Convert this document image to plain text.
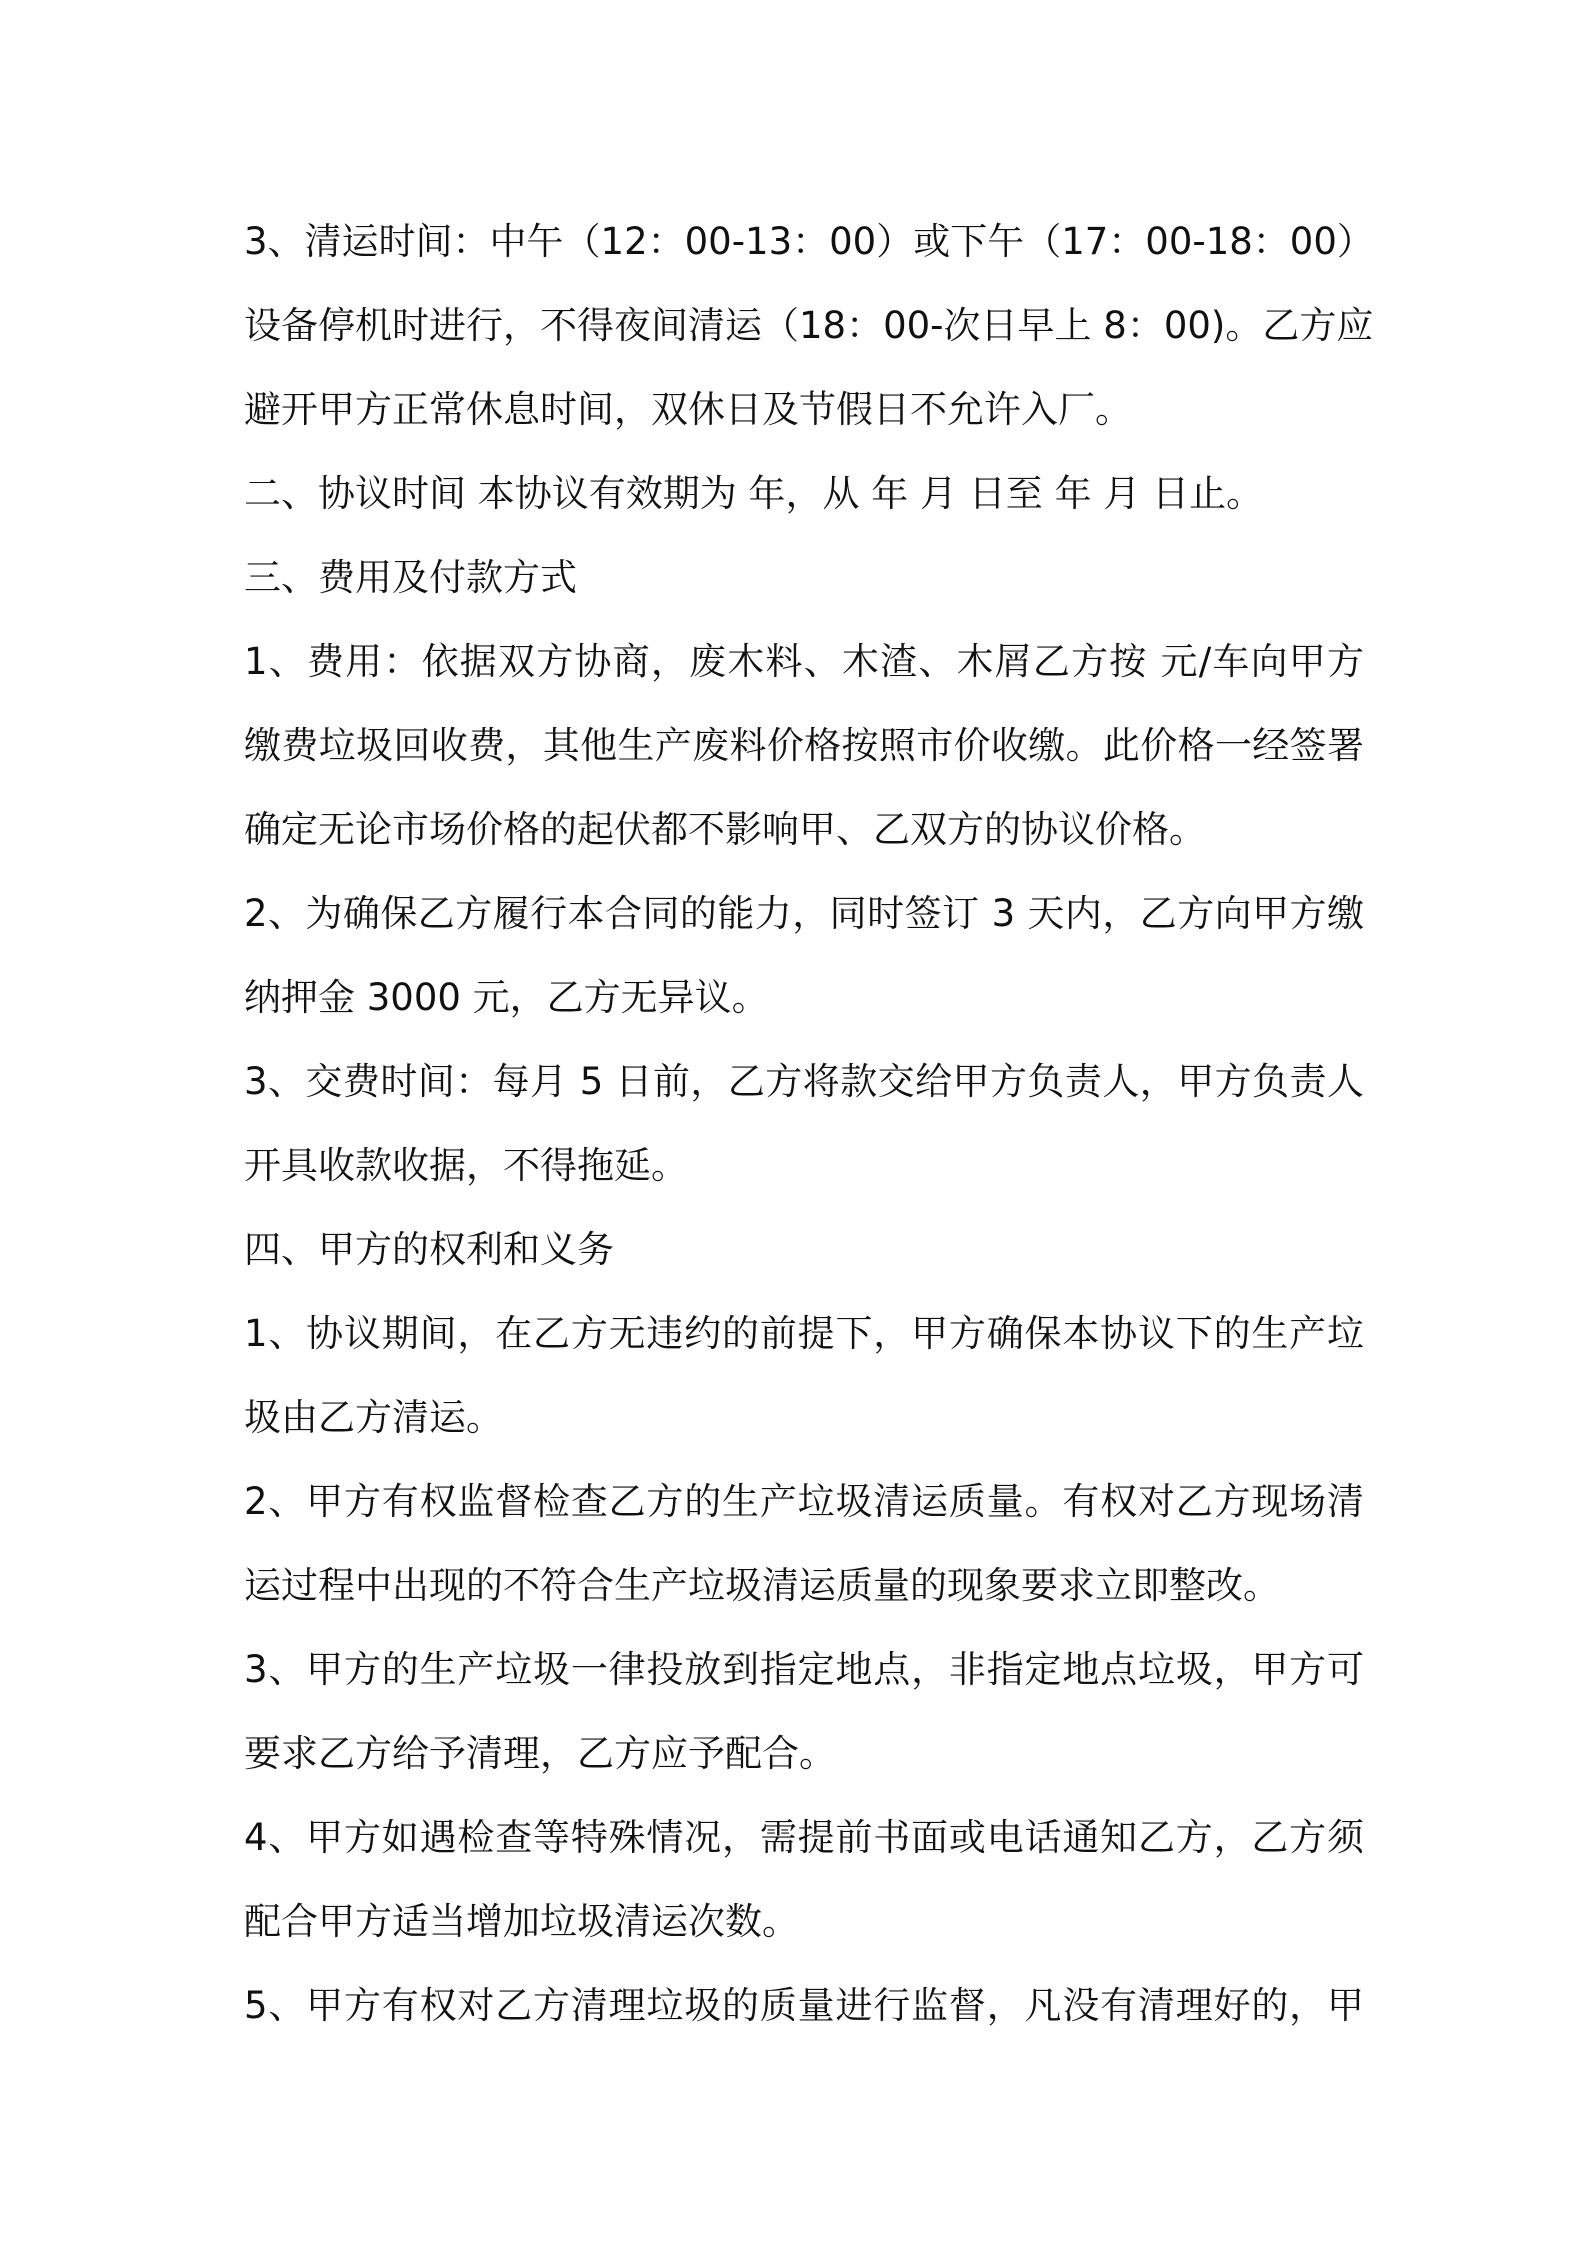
3、清运时间：中午（12：00-13：00）或下午（17：00-18：00）
设备停机时进行，不得夜间清运（18：00-次日早上 8：00)。乙方应
避开甲方正常休息时间，双休日及节假日不允许入厂。
二、协议时间 本协议有效期为 年，从 年 月 日至 年 月 日止。
三、费用及付款方式
1、费用：依据双方协商，废木料、木渣、木屑乙方按 元/车向甲方
缴费垃圾回收费，其他生产废料价格按照市价收缴。此价格一经签署
确定无论市场价格的起伏都不影响甲、乙双方的协议价格。
2、为确保乙方履行本合同的能力，同时签订 3 天内，乙方向甲方缴
纳押金 3000 元，乙方无异议。
3、交费时间：每月 5 日前，乙方将款交给甲方负责人，甲方负责人
开具收款收据，不得拖延。
四、甲方的权利和义务
1、协议期间，在乙方无违约的前提下，甲方确保本协议下的生产垃
圾由乙方清运。
2、甲方有权监督检查乙方的生产垃圾清运质量。有权对乙方现场清
运过程中出现的不符合生产垃圾清运质量的现象要求立即整改。
3、甲方的生产垃圾一律投放到指定地点，非指定地点垃圾，甲方可
要求乙方给予清理，乙方应予配合。
4、甲方如遇检查等特殊情况，需提前书面或电话通知乙方，乙方须
配合甲方适当增加垃圾清运次数。
5、甲方有权对乙方清理垃圾的质量进行监督，凡没有清理好的，甲
